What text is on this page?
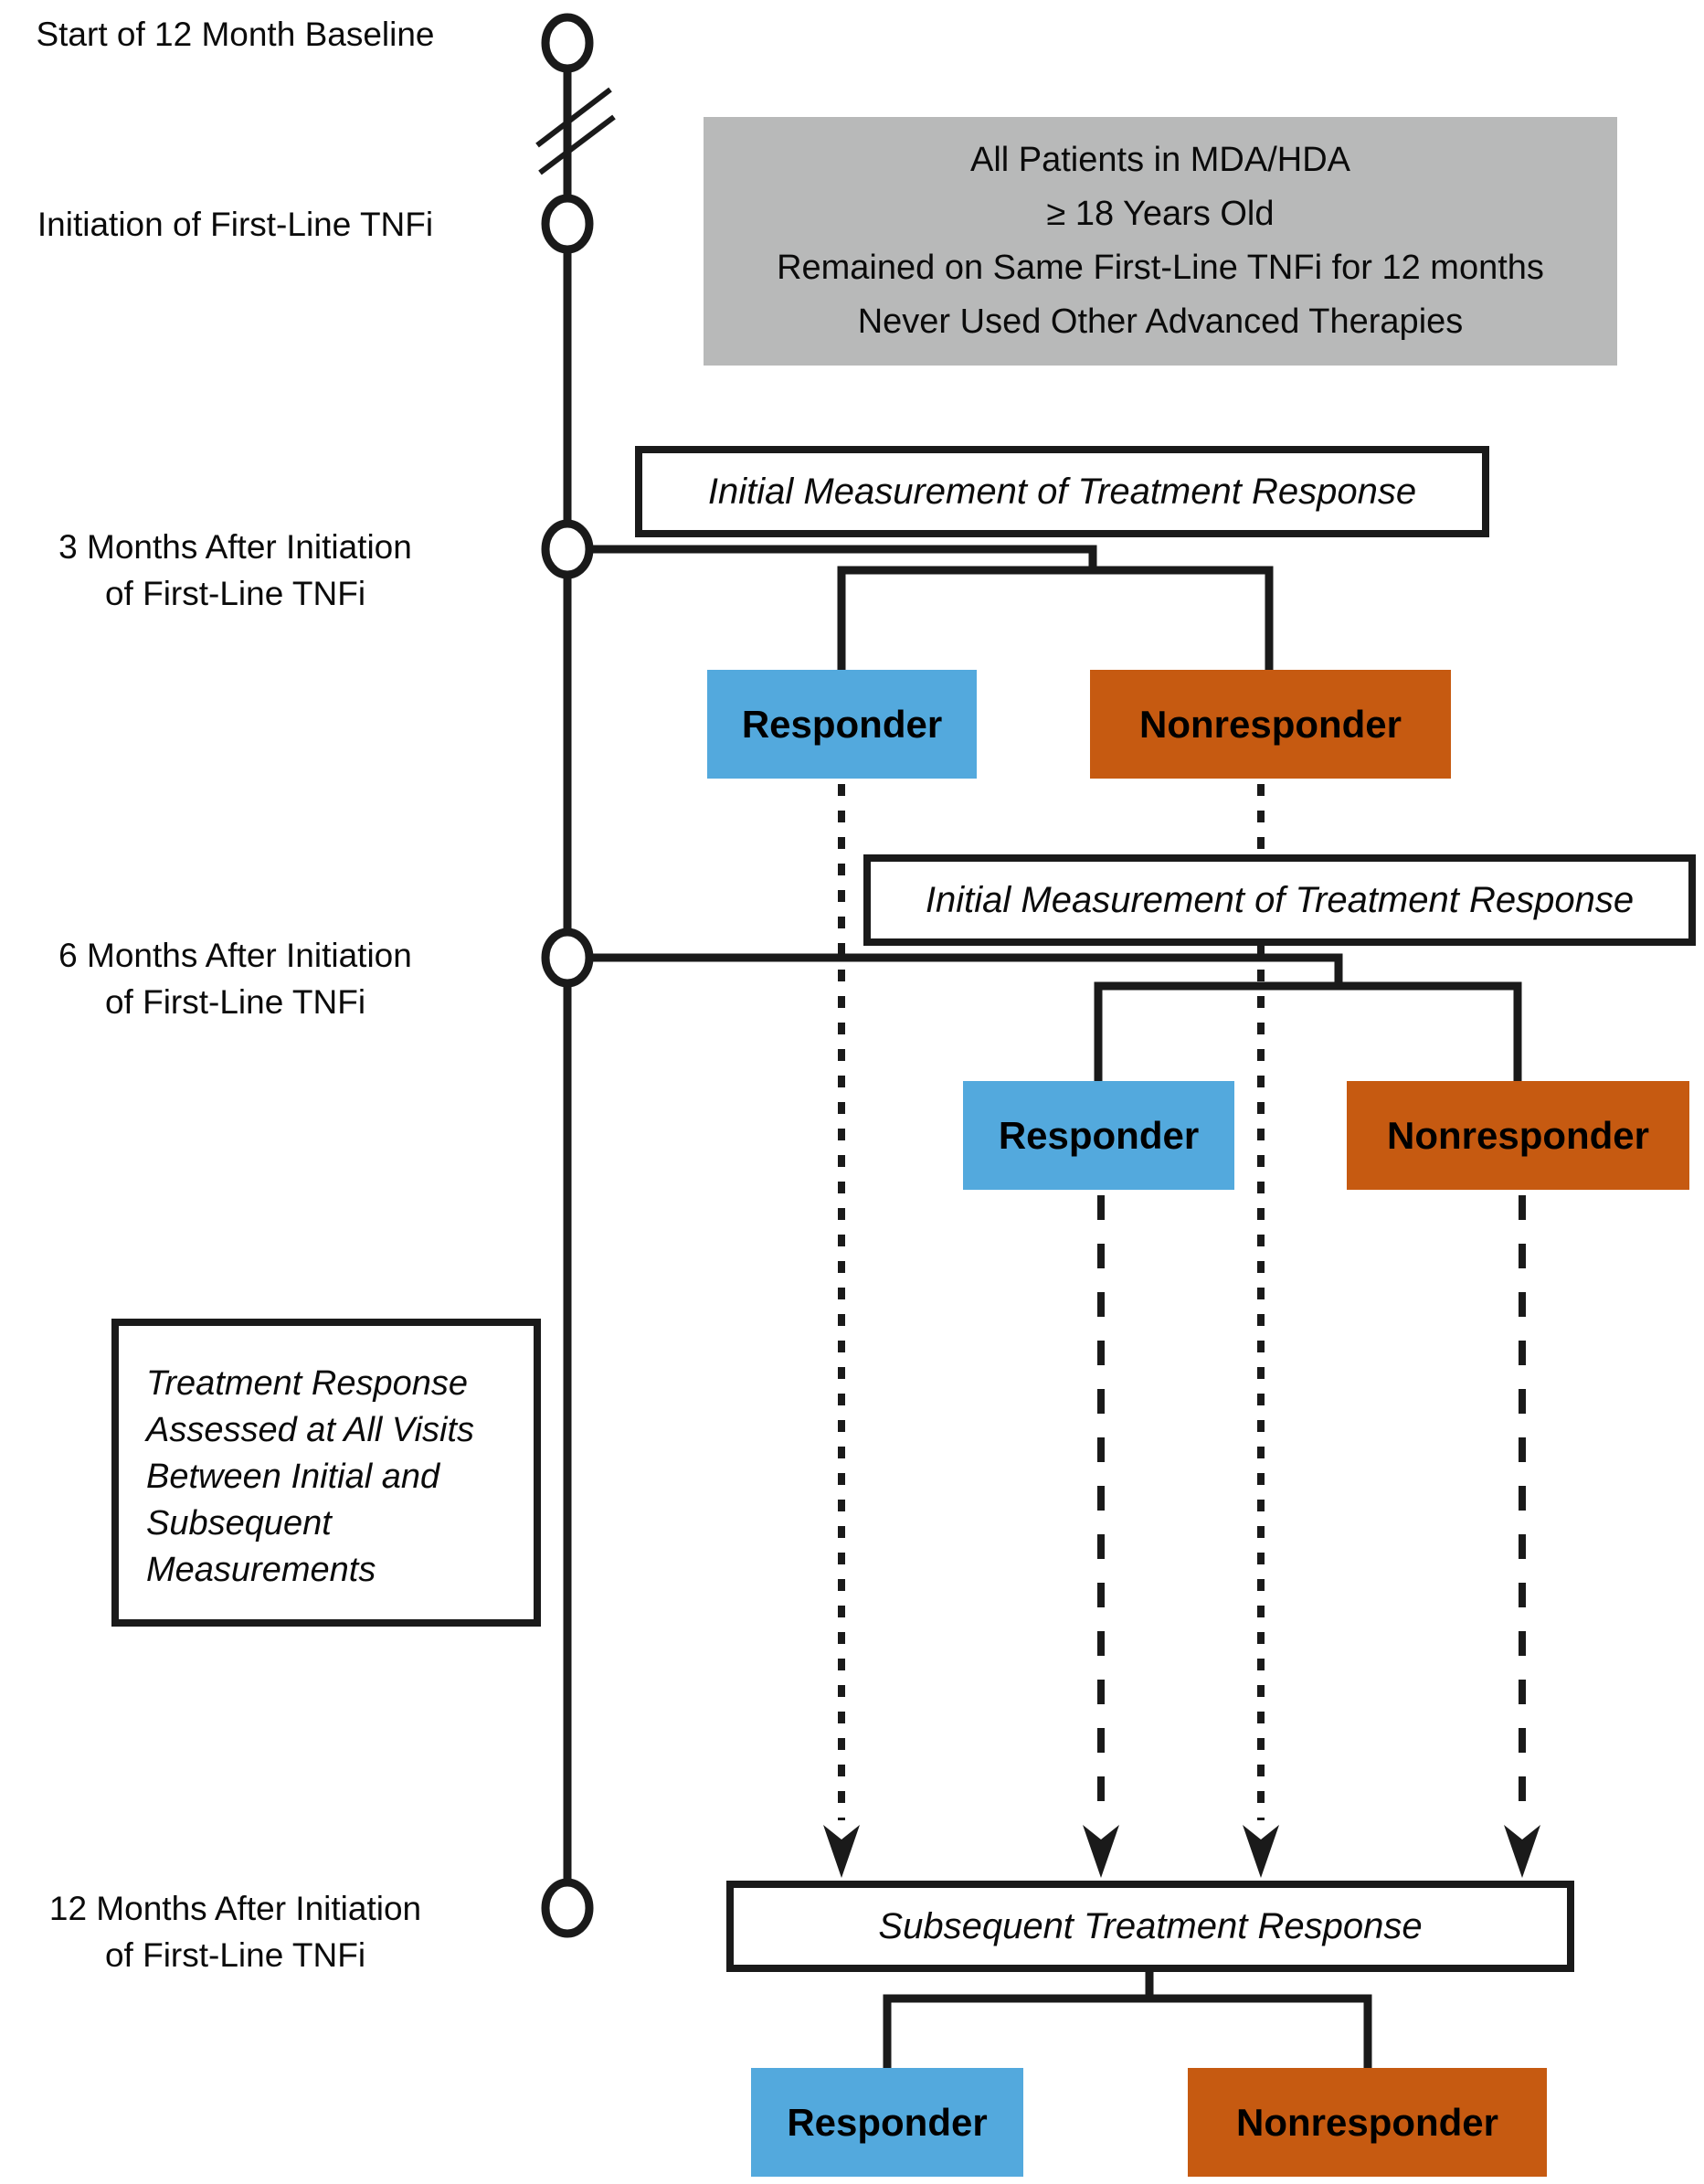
Start of 12 Month Baseline
Initiation of First-Line TNFi
3 Months After Initiation
of First-Line TNFi
6 Months After Initiation
of First-Line TNFi
12 Months After Initiation
of First-Line TNFi
All Patients in MDA/HDA
≥ 18 Years Old
Remained on Same First-Line TNFi for 12 months
Never Used Other Advanced Therapies
Initial Measurement of Treatment Response
Initial Measurement of Treatment Response
Subsequent Treatment Response
Responder	Nonresponder
Responder	Nonresponder
Treatment Response
Assessed at All Visits
Between Initial and
Subsequent
Measurements
Responder	Nonresponder
